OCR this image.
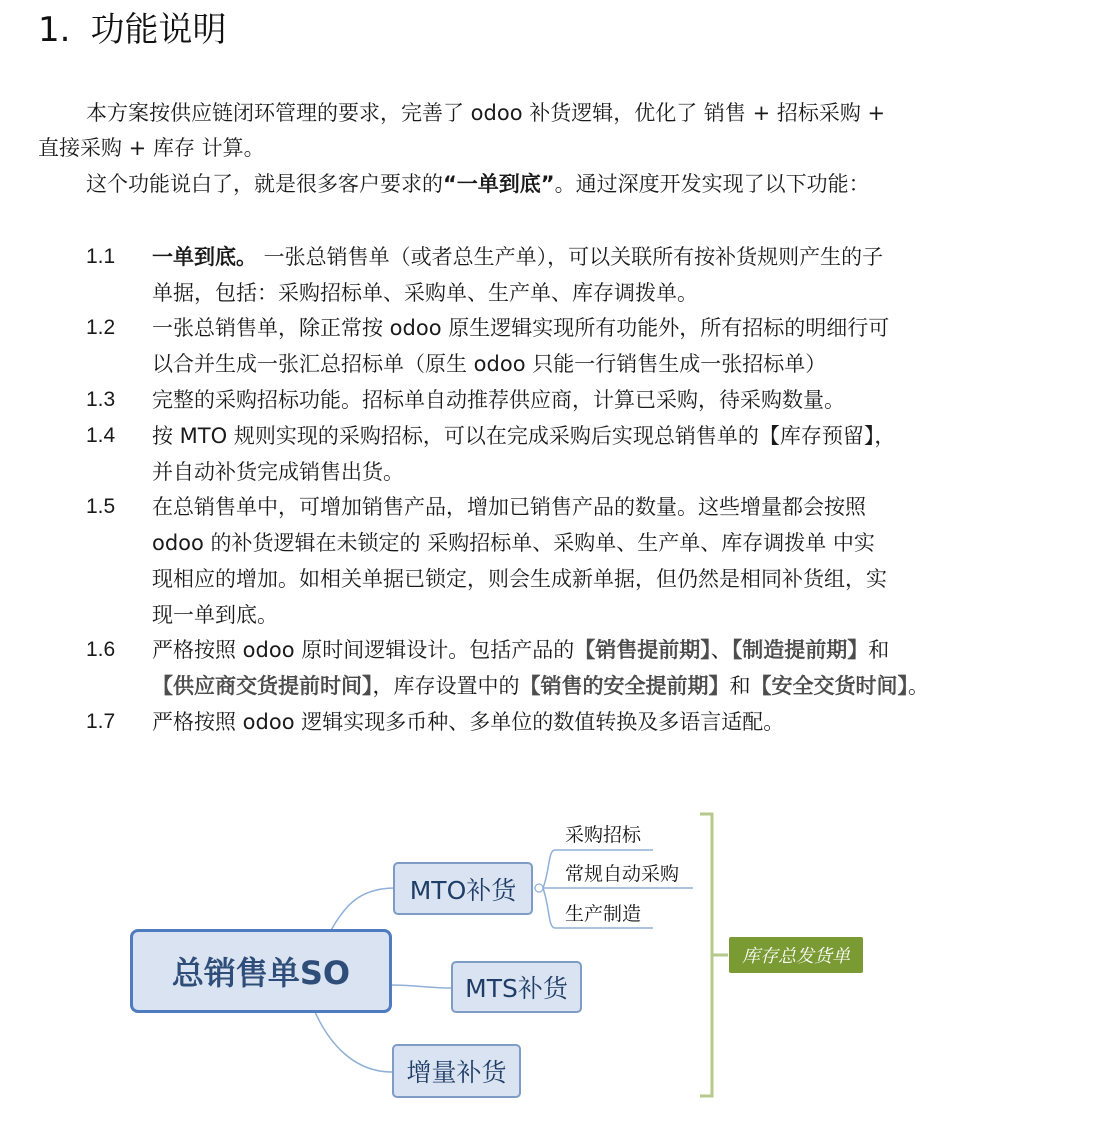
1. 功能说明
本方案按供应链闭环管理的要求，完善了 odoo 补货逻辑，优化了 销售 + 招标采购 +
直接采购 + 库存 计算。
这个功能说白了，就是很多客户要求的“一单到底”。通过深度开发实现了以下功能：
1.1 一单到底。 一张总销售单（或者总生产单），可以关联所有按补货规则产生的子
单据，包括：采购招标单、采购单、生产单、库存调拨单。
1.2 一张总销售单，除正常按 odoo 原生逻辑实现所有功能外，所有招标的明细行可
以合并生成一张汇总招标单（原生 odoo 只能一行销售生成一张招标单）
1.3 完整的采购招标功能。招标单自动推荐供应商，计算已采购，待采购数量。
1.4 按 MTO 规则实现的采购招标，可以在完成采购后实现总销售单的【库存预留】，
并自动补货完成销售出货。
1.5 在总销售单中，可增加销售产品，增加已销售产品的数量。这些增量都会按照
odoo 的补货逻辑在未锁定的 采购招标单、采购单、生产单、库存调拨单 中实
现相应的增加。如相关单据已锁定，则会生成新单据，但仍然是相同补货组，实
现一单到底。
1.6 严格按照 odoo 原时间逻辑设计。包括产品的【销售提前期】、【制造提前期】和
【供应商交货提前时间】，库存设置中的【销售的安全提前期】和【安全交货时间】。
1.7 严格按照 odoo 逻辑实现多币种、多单位的数值转换及多语言适配。
总销售单SO
MTO补货
MTS补货
增量补货
采购招标
常规自动采购
生产制造
库存总发货单
